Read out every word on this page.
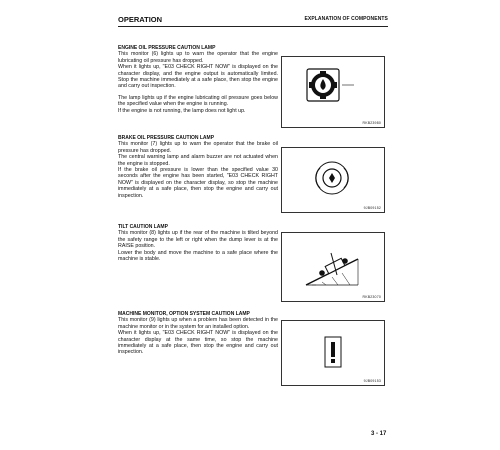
OPERATION	EXPLANATION OF COMPONENTS
ENGINE OIL PRESSURE CAUTION LAMP

This monitor (6) lights up to warn the operator that the engine lubricating oil pressure has dropped.

When it lights up, "E03 CHECK RIGHT NOW" is displayed on the character display, and the engine output is automatically limited. Stop the machine immediately at a safe place, then stop the engine and carry out inspection.

The lamp lights up if the engine lubricating oil pressure goes below the specified value when the engine is running.

If the engine is not running, the lamp does not light up.

RKB23980
BRAKE OIL PRESSURE CAUTION LAMP

This monitor (7) lights up to warn the operator that the brake oil pressure has dropped.

The central warning lamp and alarm buzzer are not actuated when the engine is stopped.

If the brake oil pressure is lower than the specified value 30 seconds after the engine has been started, "E03 CHECK RIGHT NOW" is displayed on the character display, so stop the machine immediately at a safe place, then stop the engine and carry out inspection.

9JB09152
TILT CAUTION LAMP

This monitor (8) lights up if the rear of the machine is tilted beyond the safety range to the left or right when the dump lever is at the RAISE position.

Lower the body and move the machine to a safe place where the machine is stable.

RKB23070
MACHINE MONITOR, OPTION SYSTEM CAUTION LAMP

This monitor (9) lights up when a problem has been detected in the machine monitor or in the system for an installed option.

When it lights up, "E03 CHECK RIGHT NOW" is displayed on the character display at the same time, so stop the machine immediately at a safe place, then stop the engine and carry out inspection.

9JB09153
3 - 17
